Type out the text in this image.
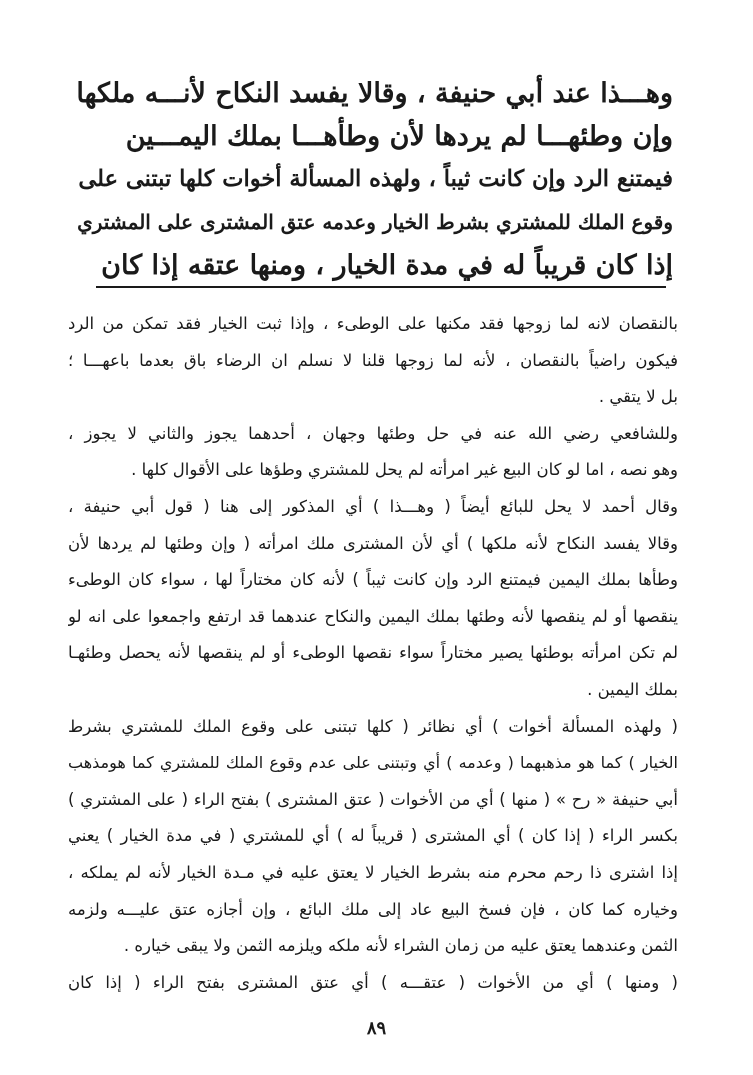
وهـــذا عند أبي حنيفة ، وقالا يفسد النكاح لأنـــه ملكها
وإن وطئهـــا لم يردها لأن وطأهـــا بملك اليمـــين
فيمتنع الرد وإن كانت ثيباً ، ولهذه المسألة أخوات كلها تبتنى على
وقوع الملك للمشتري بشرط الخيار وعدمه عتق المشترى على المشتري
إذا كان قريباً له في مدة الخيار ، ومنها عتقه إذا كان
بالنقصان لانه لما زوجها فقد مكنها على الوطىء ، وإذا ثبت الخيار فقد تمكن من الرد
فيكون راضياً بالنقصان ، لأنه لما زوجها قلنا لا نسلم ان الرضاء باق بعدما باعهـــا ؛
بل لا يتقي .
وللشافعي رضي الله عنه في حل وطئها وجهان ، أحدهما يجوز والثاني لا يجوز ،
وهو نصه ، اما لو كان البيع غير امرأته لم يحل للمشتري وطؤها على الأقوال كلها .
وقال أحمد لا يحل للبائع أيضاً ( وهـــذا ) أي المذكور إلى هنا ( قول أبي حنيفة ،
وقالا يفسد النكاح لأنه ملكها ) أي لأن المشترى ملك امرأته ( وإن وطئها لم يردها لأن
وطأها بملك اليمين فيمتنع الرد وإن كانت ثيباً ) لأنه كان مختاراً لها ، سواء كان الوطىء
ينقصها أو لم ينقصها لأنه وطئها بملك اليمين والنكاح عندهما قد ارتفع واجمعوا على انه لو
لم تكن امرأته بوطئها يصير مختاراً سواء نقصها الوطىء أو لم ينقصها لأنه يحصل وطئهـا
بملك اليمين .
( ولهذه المسألة أخوات ) أي نظائر ( كلها تبتنى على وقوع الملك للمشتري بشرط
الخيار ) كما هو مذهبهما ( وعدمه ) أي وتبتنى على عدم وقوع الملك للمشتري كما هومذهب
أبي حنيفة « رح » ( منها ) أي من الأخوات ( عتق المشترى ) بفتح الراء ( على المشتري )
بكسر الراء ( إذا كان ) أي المشترى ( قريباً له ) أي للمشتري ( في مدة الخيار ) يعني
إذا اشترى ذا رحم محرم منه بشرط الخيار لا يعتق عليه في مـدة الخيار لأنه لم يملكه ،
وخياره كما كان ، فإن فسخ البيع عاد إلى ملك البائع ، وإن أجازه عتق عليـــه ولزمه
الثمن وعندهما يعتق عليه من زمان الشراء لأنه ملكه ويلزمه الثمن ولا يبقى خياره .
( ومنها ) أي من الأخوات ( عتقـــه ) أي عتق المشترى بفتح الراء ( إذا كان
٨٩
